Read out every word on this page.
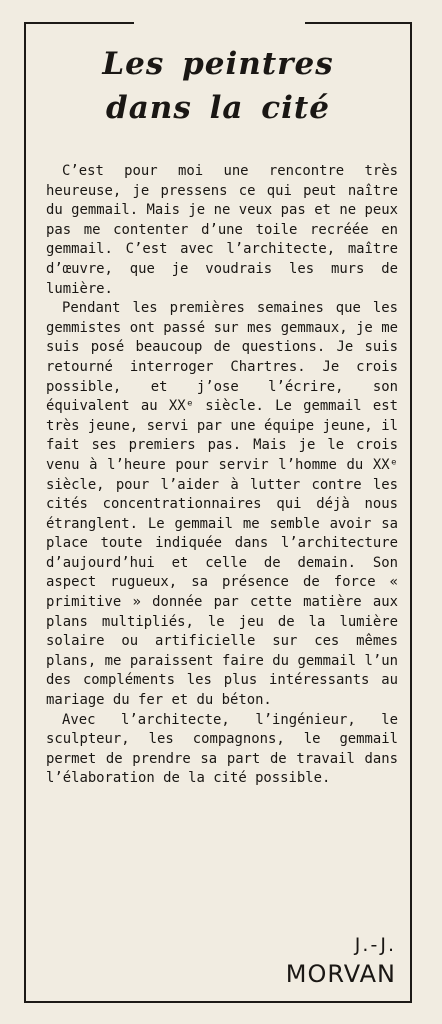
Les peintres
dans la cité

C’est pour moi une rencontre très heureuse, je pressens ce qui peut naître du gemmail. Mais je ne veux pas et ne peux pas me contenter d’une toile recréée en gemmail. C’est avec l’architecte, maître d’œuvre, que je voudrais les murs de lumière.

Pendant les premières semaines que les gemmistes ont passé sur mes gemmaux, je me suis posé beaucoup de questions. Je suis retourné interroger Chartres. Je crois possible, et j’ose l’écrire, son équivalent au XXᵉ siècle. Le gemmail est très jeune, servi par une équipe jeune, il fait ses premiers pas. Mais je le crois venu à l’heure pour servir l’homme du XXᵉ siècle, pour l’aider à lutter contre les cités concentrationnaires qui déjà nous étranglent. Le gemmail me semble avoir sa place toute indiquée dans l’architecture d’aujourd’hui et celle de demain. Son aspect rugueux, sa présence de force « primitive » donnée par cette matière aux plans multipliés, le jeu de la lumière solaire ou artificielle sur ces mêmes plans, me paraissent faire du gemmail l’un des compléments les plus intéressants au mariage du fer et du béton.

Avec l’architecte, l’ingénieur, le sculpteur, les compagnons, le gemmail permet de prendre sa part de travail dans l’élaboration de la cité possible.

J.-J.
MORVAN
